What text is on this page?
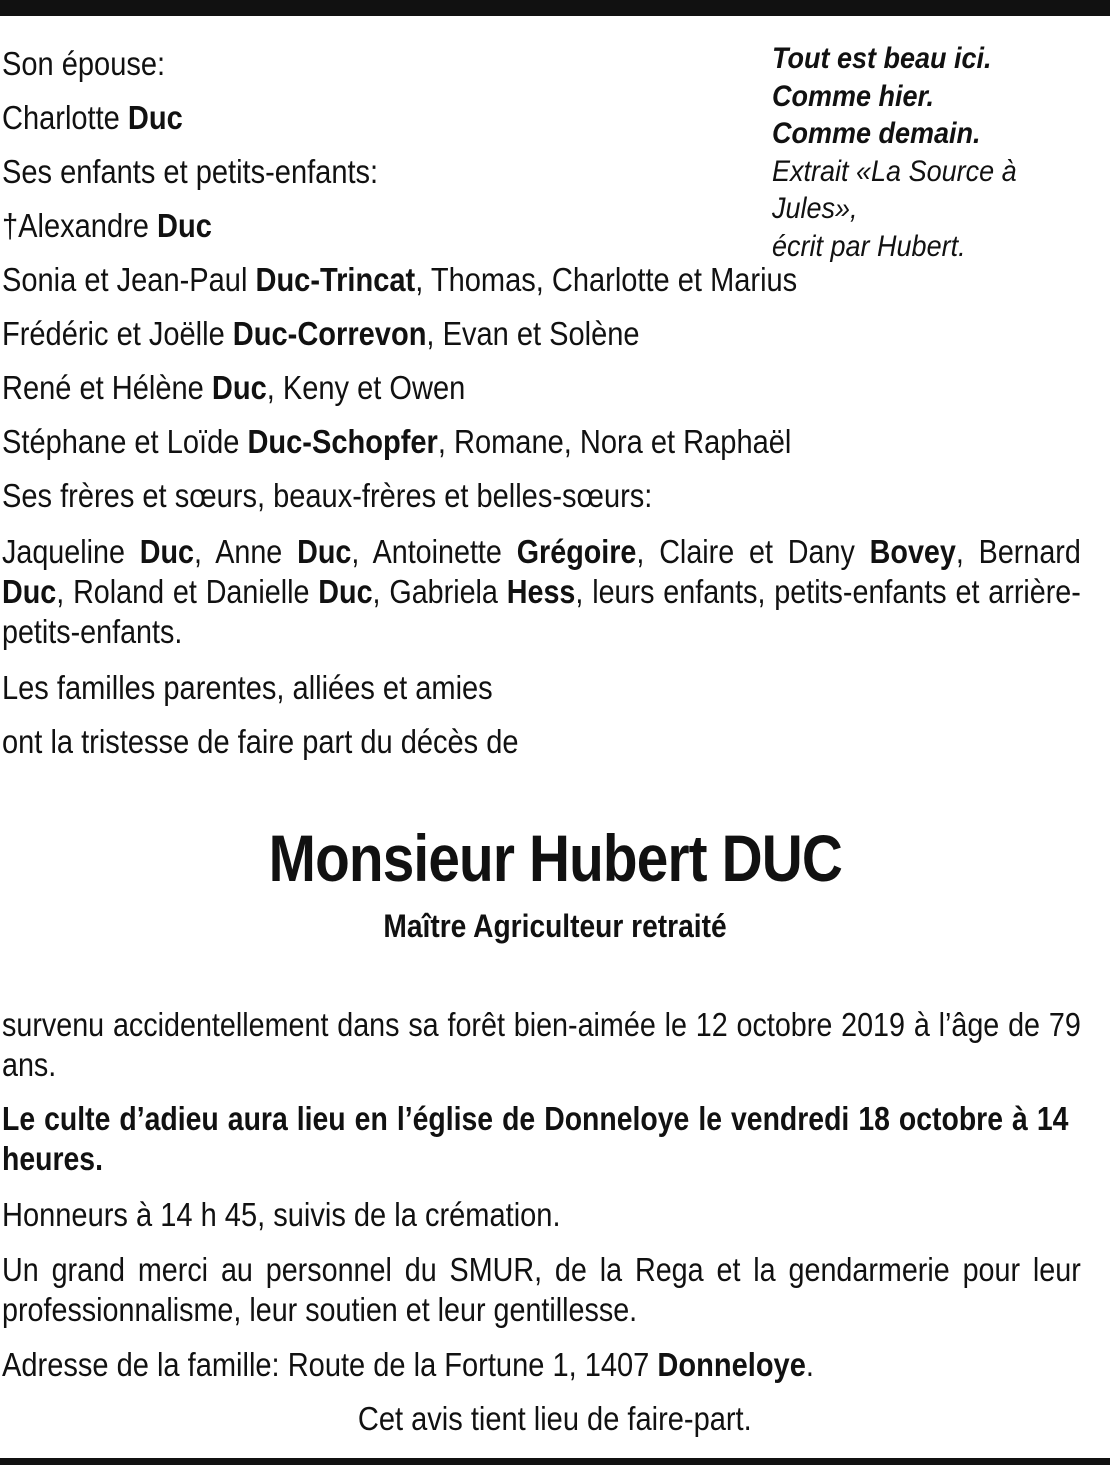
Tout est beau ici.
Comme hier.
Comme demain.
Extrait «La Source à Jules»,
écrit par Hubert.
Son épouse:
Charlotte Duc
Ses enfants et petits-enfants:
†Alexandre Duc
Sonia et Jean-Paul Duc-Trincat, Thomas, Charlotte et Marius
Frédéric et Joëlle Duc-Correvon, Evan et Solène
René et Hélène Duc, Keny et Owen
Stéphane et Loïde Duc-Schopfer, Romane, Nora et Raphaël
Ses frères et sœurs, beaux-frères et belles-sœurs:
Jaqueline Duc, Anne Duc, Antoinette Grégoire, Claire et Dany Bovey, Bernard Duc, Roland et Danielle Duc, Gabriela Hess, leurs enfants, petits-enfants et arrière-petits-enfants.
Les familles parentes, alliées et amies
ont la tristesse de faire part du décès de
Monsieur Hubert DUC
Maître Agriculteur retraité
survenu accidentellement dans sa forêt bien-aimée le 12 octobre 2019 à l’âge de 79 ans.
Le culte d’adieu aura lieu en l’église de Donneloye le vendredi 18 octobre à 14 heures.
Honneurs à 14 h 45, suivis de la crémation.
Un grand merci au personnel du SMUR, de la Rega et la gendarmerie pour leur professionnalisme, leur soutien et leur gentillesse.
Adresse de la famille: Route de la Fortune 1, 1407 Donneloye.
Cet avis tient lieu de faire-part.
